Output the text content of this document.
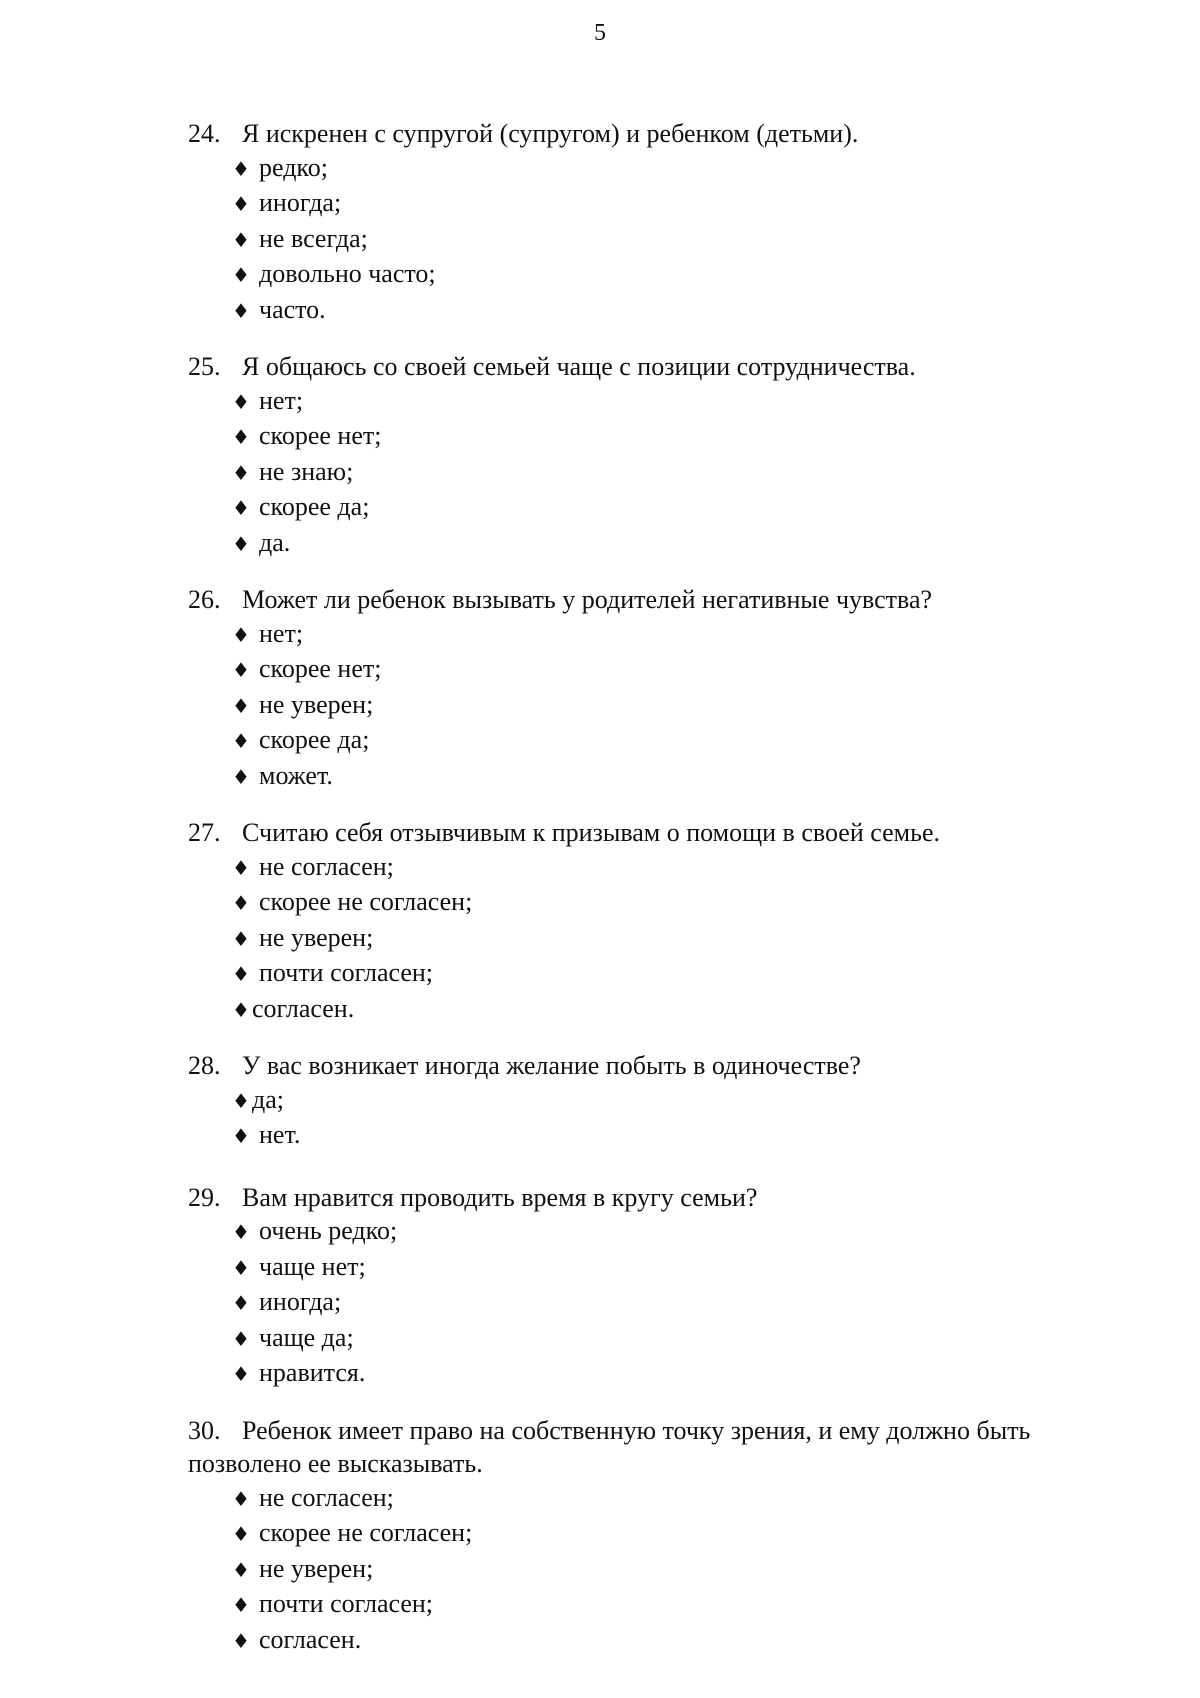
5
24. Я искренен с супругой (супругом) и ребенком (детьми).
♦ редко;
♦ иногда;
♦ не всегда;
♦ довольно часто;
♦ часто.
25. Я общаюсь со своей семьей чаще с позиции сотрудничества.
♦ нет;
♦ скорее нет;
♦ не знаю;
♦ скорее да;
♦ да.
26. Может ли ребенок вызывать у родителей негативные чувства?
♦ нет;
♦ скорее нет;
♦ не уверен;
♦ скорее да;
♦ может.
27. Считаю себя отзывчивым к призывам о помощи в своей семье.
♦ не согласен;
♦ скорее не согласен;
♦ не уверен;
♦ почти согласен;
♦ согласен.
28. У вас возникает иногда желание побыть в одиночестве?
♦ да;
♦ нет.
29. Вам нравится проводить время в кругу семьи?
♦ очень редко;
♦ чаще нет;
♦ иногда;
♦ чаще да;
♦ нравится.
30. Ребенок имеет право на собственную точку зрения, и ему должно быть позволено ее высказывать.
♦ не согласен;
♦ скорее не согласен;
♦ не уверен;
♦ почти согласен;
♦ согласен.
